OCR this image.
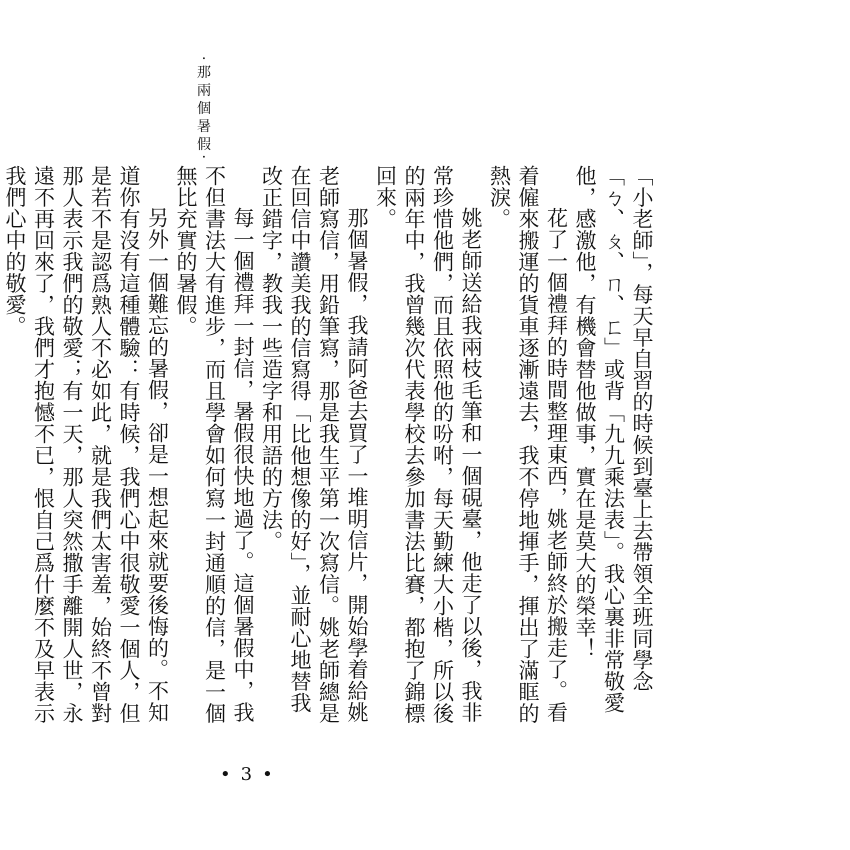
·那兩個暑假·

「小老師」，每天早自習的時候到臺上去帶領全班同學念「ㄅ、ㄆ、ㄇ、ㄈ」或背「九九乘法表」。我心裏非常敬愛他，感激他，有機會替他做事，實在是莫大的榮幸！

花了一個禮拜的時間整理東西，姚老師終於搬走了。看着僱來搬運的貨車逐漸遠去，我不停地揮手，揮出了滿眶的熱淚。

姚老師送給我兩枝毛筆和一個硯臺，他走了以後，我非常珍惜他們，而且依照他的吩咐，每天勤練大小楷，所以後的兩年中，我曾幾次代表學校去參加書法比賽，都抱了錦標回來。

那個暑假，我請阿爸去買了一堆明信片，開始學着給姚老師寫信，用鉛筆寫，那是我生平第一次寫信。姚老師總是在回信中讚美我的信寫得「比他想像的好」，並耐心地替我改正錯字，教我一些造字和用語的方法。

每一個禮拜一封信，暑假很快地過了。這個暑假中，我不但書法大有進步，而且學會如何寫一封通順的信，是一個無比充實的暑假。

另外一個難忘的暑假，卻是一想起來就要後悔的。不知道你有沒有這種體驗：有時候，我們心中很敬愛一個人，但是若不是認爲熟人不必如此，就是我們太害羞，始終不曾對那人表示我們的敬愛；有一天，那人突然撒手離開人世，永遠不再回來了，我們才抱憾不已，恨自己爲什麼不及早表示我們心中的敬愛。

• 3 •
